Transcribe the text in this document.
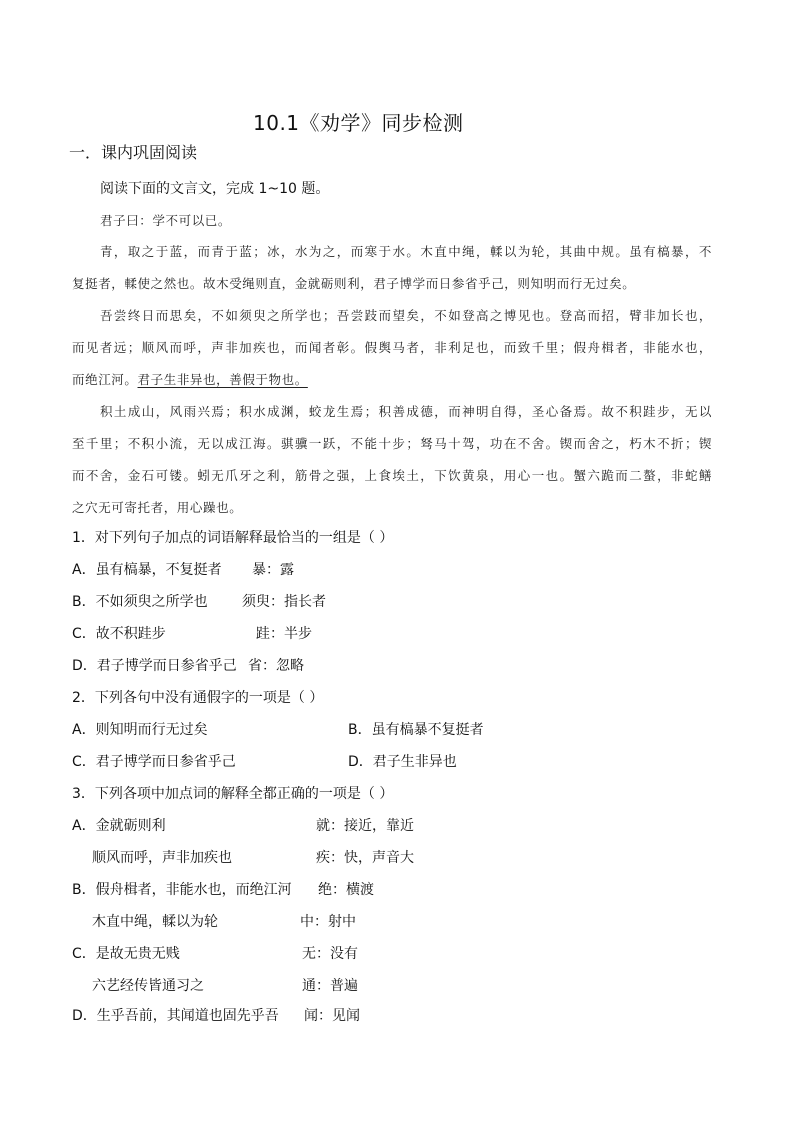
10.1《劝学》同步检测
一．课内巩固阅读
阅读下面的文言文，完成 1~10 题。
君子曰：学不可以已。
青，取之于蓝，而青于蓝；冰，水为之，而寒于水。木直中绳，輮以为轮，其曲中规。虽有槁暴，不
复挺者，輮使之然也。故木受绳则直，金就砺则利，君子博学而日参省乎己，则知明而行无过矣。
吾尝终日而思矣，不如须臾之所学也；吾尝跂而望矣，不如登高之博见也。登高而招，臂非加长也，
而见者远；顺风而呼，声非加疾也，而闻者彰。假舆马者，非利足也，而致千里；假舟楫者，非能水也，
而绝江河。君子生非异也，善假于物也。
积土成山，风雨兴焉；积水成渊，蛟龙生焉；积善成德，而神明自得，圣心备焉。故不积跬步，无以
至千里；不积小流，无以成江海。骐骥一跃，不能十步；驽马十驾，功在不舍。锲而舍之，朽木不折；锲
而不舍，金石可镂。蚓无爪牙之利，筋骨之强，上食埃土，下饮黄泉，用心一也。蟹六跪而二螯，非蛇鳝
之穴无可寄托者，用心躁也。
1．对下列句子加点的词语解释最恰当的一组是（ ）
A．虽有槁暴，不复挺者 暴：露
B．不如须臾之所学也 须臾：指长者
C．故不积跬步	跬：半步
D．君子博学而日参省乎己 省：忽略
2．下列各句中没有通假字的一项是（ ）
A．则知明而行无过矣	B．虽有槁暴不复挺者
C．君子博学而日参省乎己	D．君子生非异也
3．下列各项中加点词的解释全都正确的一项是（ ）
A．金就砺则利	就：接近，靠近
顺风而呼，声非加疾也	疾：快，声音大
B．假舟楫者，非能水也，而绝江河 绝：横渡
木直中绳，輮以为轮	中：射中
C．是故无贵无贱	无：没有
六艺经传皆通习之	通：普遍
D．生乎吾前，其闻道也固先乎吾 闻：见闻
